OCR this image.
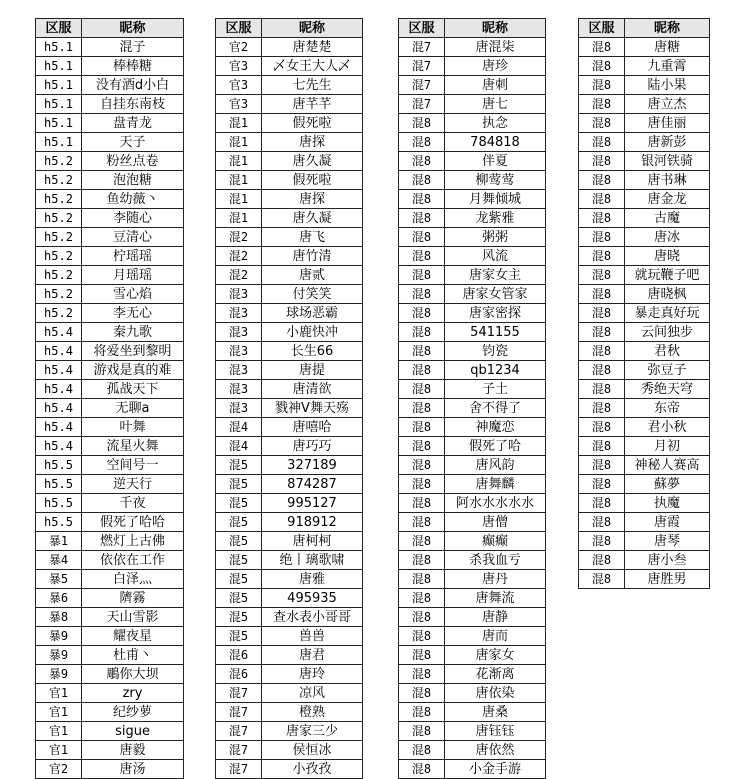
区服	昵称
h5.1	混子
h5.1	棒棒糖
h5.1	没有酒d小白
h5.1	自挂东南枝
h5.1	盘青龙
h5.1	天子
h5.2	粉丝点卷
h5.2	泡泡糖
h5.2	鱼幼薇丶
h5.2	李随心
h5.2	豆清心
h5.2	柠瑶瑶
h5.2	月瑶瑶
h5.2	雪心焰
h5.2	李无心
h5.4	秦九歌
h5.4	将爱坐到黎明
h5.4	游戏是真的难
h5.4	孤战天下
h5.4	无聊a
h5.4	叶舞
h5.4	流星火舞
h5.5	空间号一
h5.5	逆天行
h5.5	千夜
h5.5	假死了哈哈
暴1	燃灯上古佛
暴4	依依在工作
暴5	白泽灬
暴6	隮霧
暴8	天山雪影
暴9	耀夜星
暴9	杜甫丶
暴9	鵰你大坝
官1	zry
官1	纪纱萝
官1	sigue
官1	唐毅
官2	唐汤
区服	昵称
官2	唐楚楚
官3	乄女王大人乄
官3	七先生
官3	唐芊芊
混1	假死啦
混1	唐探
混1	唐久凝
混1	假死啦
混1	唐探
混1	唐久凝
混2	唐飞
混2	唐竹清
混2	唐贰
混3	付笑笑
混3	球场恶霸
混3	小鹿快冲
混3	长生66
混3	唐提
混3	唐清欲
混3	戮神V舞天殇
混4	唐嘻哈
混4	唐巧巧
混5	327189
混5	874287
混5	995127
混5	918912
混5	唐柯柯
混5	绝丨璃歌啸
混5	唐雅
混5	495935
混5	查水表小哥哥
混5	兽兽
混6	唐君
混6	唐玲
混7	凉风
混7	橙熟
混7	唐家三少
混7	侯恒冰
混7	小孜孜
区服	昵称
混7	唐混柒
混7	唐珍
混7	唐刺
混7	唐七
混8	执念
混8	784818
混8	伴夏
混8	柳莺莺
混8	月舞倾城
混8	龙紫雅
混8	粥粥
混8	风流
混8	唐家女主
混8	唐家女管家
混8	唐家密探
混8	541155
混8	钧瓷
混8	qb1234
混8	子土
混8	舍不得了
混8	神魔恋
混8	假死了哈
混8	唐风韵
混8	唐舞麟
混8	阿水水水水水
混8	唐僧
混8	癫癫
混8	杀我血亏
混8	唐丹
混8	唐舞流
混8	唐静
混8	唐而
混8	唐家女
混8	花渐离
混8	唐依染
混8	唐桑
混8	唐钰钰
混8	唐依然
混8	小金手游
区服	昵称
混8	唐糖
混8	九重霄
混8	陆小果
混8	唐立杰
混8	唐佳丽
混8	唐新彭
混8	银河铁骑
混8	唐书琳
混8	唐金龙
混8	古魔
混8	唐冰
混8	唐晓
混8	就玩鞭子吧
混8	唐晓枫
混8	暴走真好玩
混8	云间独步
混8	君秋
混8	弥豆子
混8	秀绝天穹
混8	东帝
混8	君小秋
混8	月初
混8	神秘人赛高
混8	蘇夢
混8	执魔
混8	唐霞
混8	唐琴
混8	唐小叁
混8	唐胜男
